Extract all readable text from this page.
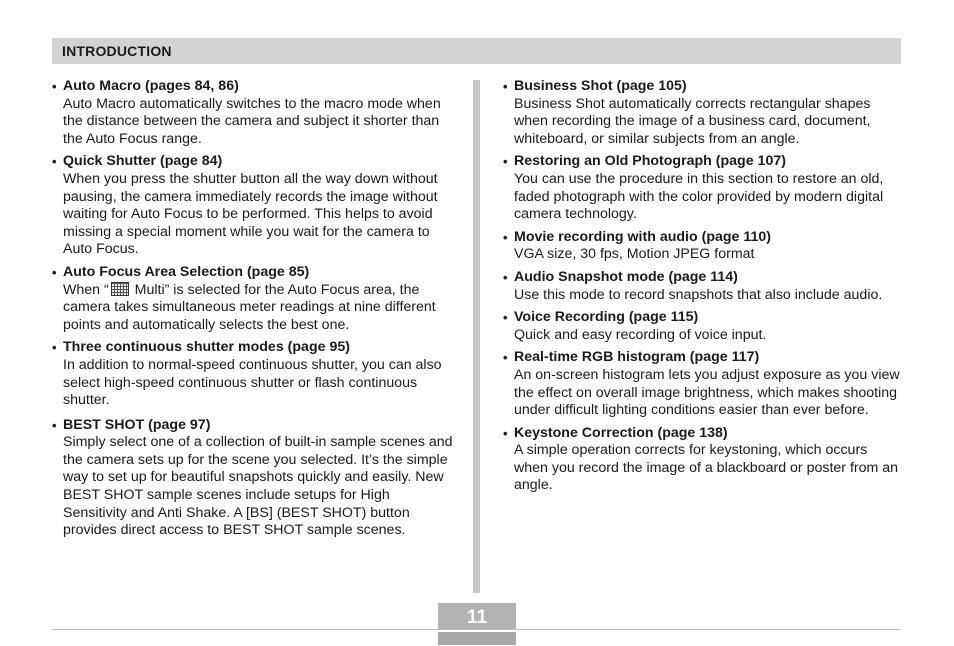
INTRODUCTION
• Auto Macro (pages 84, 86)
Auto Macro automatically switches to the macro mode when the distance between the camera and subject it shorter than the Auto Focus range.
• Quick Shutter (page 84)
When you press the shutter button all the way down without pausing, the camera immediately records the image without waiting for Auto Focus to be performed. This helps to avoid missing a special moment while you wait for the camera to Auto Focus.
• Auto Focus Area Selection (page 85)
When “ Multi” is selected for the Auto Focus area, the camera takes simultaneous meter readings at nine different points and automatically selects the best one.
• Three continuous shutter modes (page 95)
In addition to normal-speed continuous shutter, you can also select high-speed continuous shutter or flash continuous shutter.
• BEST SHOT (page 97)
Simply select one of a collection of built-in sample scenes and the camera sets up for the scene you selected. It’s the simple way to set up for beautiful snapshots quickly and easily. New BEST SHOT sample scenes include setups for High Sensitivity and Anti Shake. A [BS] (BEST SHOT) button provides direct access to BEST SHOT sample scenes.
• Business Shot (page 105)
Business Shot automatically corrects rectangular shapes when recording the image of a business card, document, whiteboard, or similar subjects from an angle.
• Restoring an Old Photograph (page 107)
You can use the procedure in this section to restore an old, faded photograph with the color provided by modern digital camera technology.
• Movie recording with audio (page 110)
VGA size, 30 fps, Motion JPEG format
• Audio Snapshot mode (page 114)
Use this mode to record snapshots that also include audio.
• Voice Recording (page 115)
Quick and easy recording of voice input.
• Real-time RGB histogram (page 117)
An on-screen histogram lets you adjust exposure as you view the effect on overall image brightness, which makes shooting under difficult lighting conditions easier than ever before.
• Keystone Correction (page 138)
A simple operation corrects for keystoning, which occurs when you record the image of a blackboard or poster from an angle.
11
